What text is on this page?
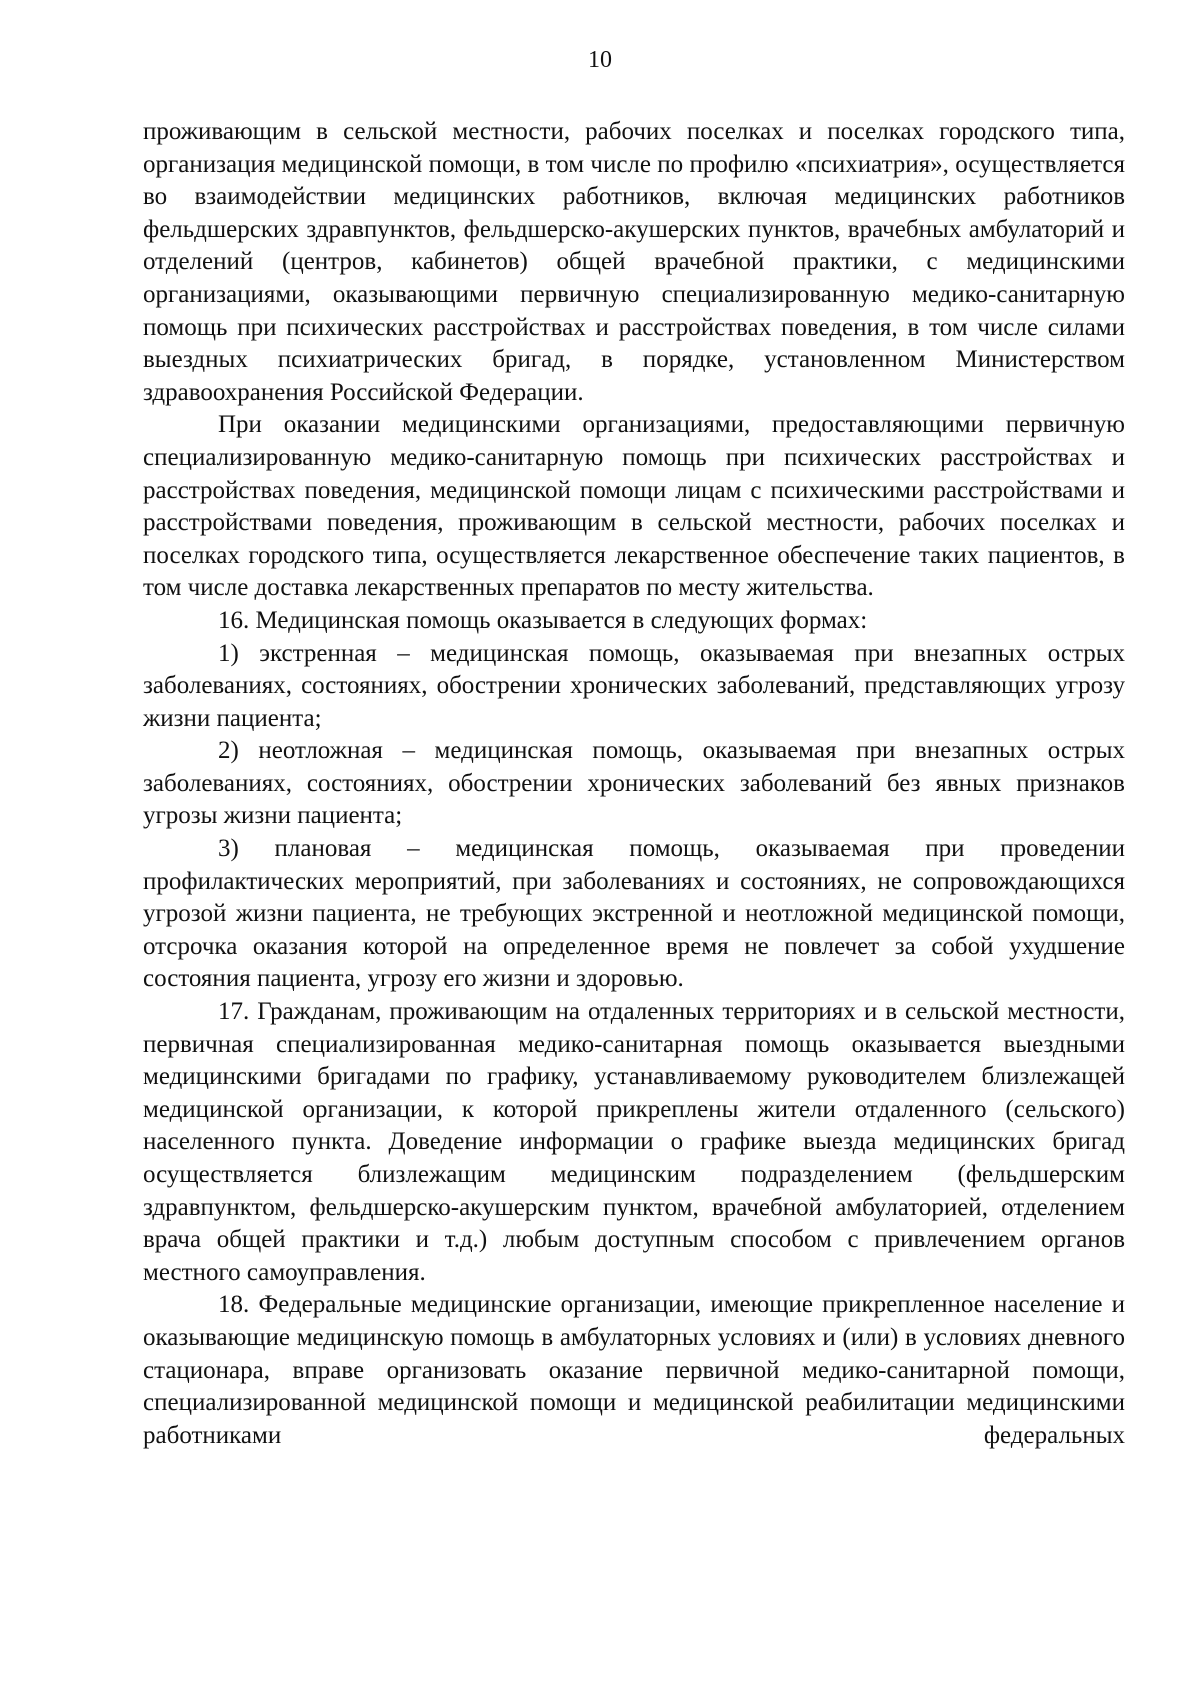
10

проживающим в сельской местности, рабочих поселках и поселках городского типа, организация медицинской помощи, в том числе по профилю «психиатрия», осуществляется во взаимодействии медицинских работников, включая медицинских работников фельдшерских здравпунктов, фельдшерско-акушерских пунктов, врачебных амбулаторий и отделений (центров, кабинетов) общей врачебной практики, с медицинскими организациями, оказывающими первичную специализированную медико-санитарную помощь при психических расстройствах и расстройствах поведения, в том числе силами выездных психиатрических бригад, в порядке, установленном Министерством здравоохранения Российской Федерации.

При оказании медицинскими организациями, предоставляющими первичную специализированную медико-санитарную помощь при психических расстройствах и расстройствах поведения, медицинской помощи лицам с психическими расстройствами и расстройствами поведения, проживающим в сельской местности, рабочих поселках и поселках городского типа, осуществляется лекарственное обеспечение таких пациентов, в том числе доставка лекарственных препаратов по месту жительства.

16. Медицинская помощь оказывается в следующих формах:

1) экстренная – медицинская помощь, оказываемая при внезапных острых заболеваниях, состояниях, обострении хронических заболеваний, представляющих угрозу жизни пациента;

2) неотложная – медицинская помощь, оказываемая при внезапных острых заболеваниях, состояниях, обострении хронических заболеваний без явных признаков угрозы жизни пациента;

3) плановая – медицинская помощь, оказываемая при проведении профилактических мероприятий, при заболеваниях и состояниях, не сопровождающихся угрозой жизни пациента, не требующих экстренной и неотложной медицинской помощи, отсрочка оказания которой на определенное время не повлечет за собой ухудшение состояния пациента, угрозу его жизни и здоровью.

17. Гражданам, проживающим на отдаленных территориях и в сельской местности, первичная специализированная медико-санитарная помощь оказывается выездными медицинскими бригадами по графику, устанавливаемому руководителем близлежащей медицинской организации, к которой прикреплены жители отдаленного (сельского) населенного пункта. Доведение информации о графике выезда медицинских бригад осуществляется близлежащим медицинским подразделением (фельдшерским здравпунктом, фельдшерско-акушерским пунктом, врачебной амбулаторией, отделением врача общей практики и т.д.) любым доступным способом с привлечением органов местного самоуправления.

18. Федеральные медицинские организации, имеющие прикрепленное население и оказывающие медицинскую помощь в амбулаторных условиях и (или) в условиях дневного стационара, вправе организовать оказание первичной медико-санитарной помощи, специализированной медицинской помощи и медицинской реабилитации медицинскими работниками федеральных
